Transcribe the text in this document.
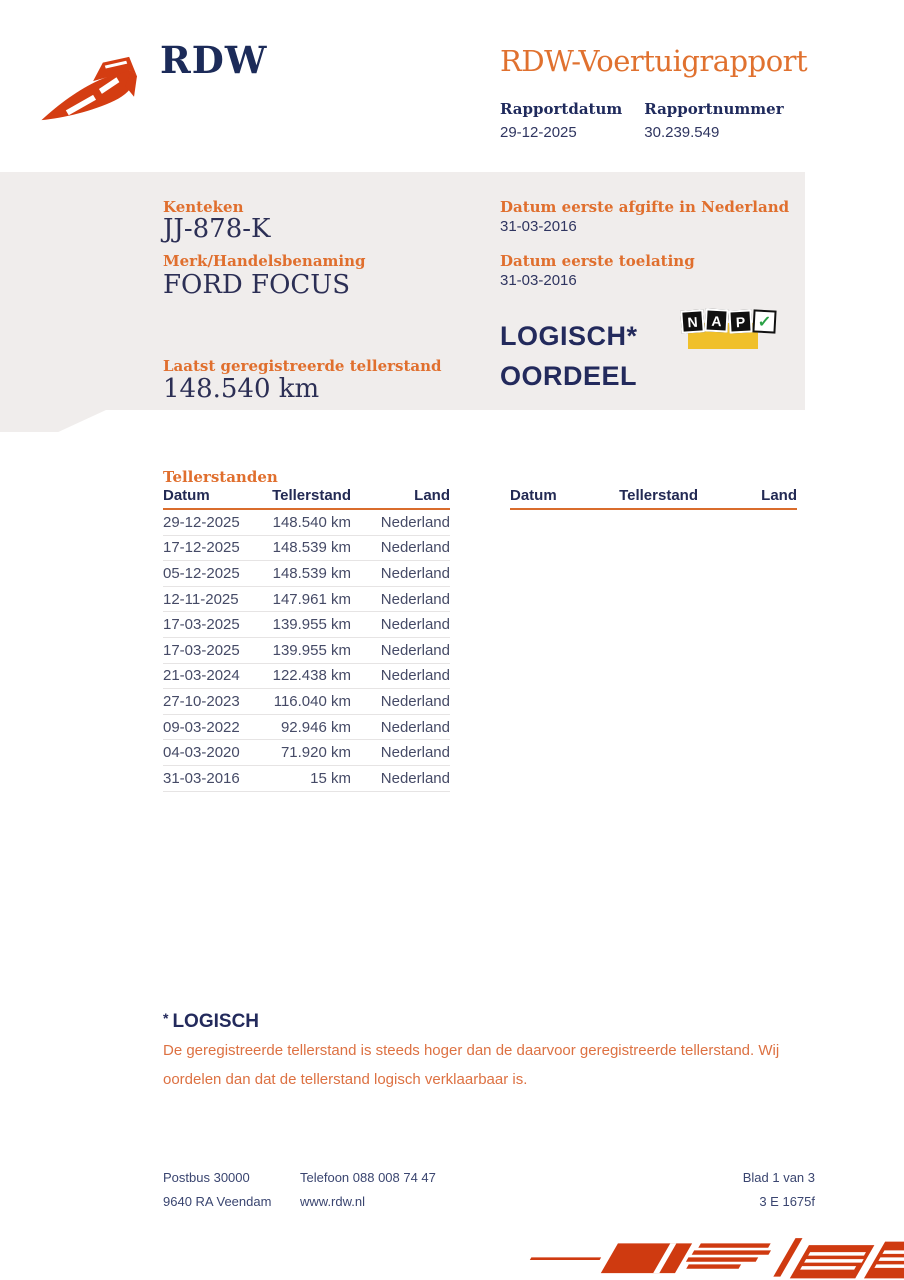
RDW	RDW-Voertuigrapport
Rapportdatum
29-12-2025
Rapportnummer
30.239.549
Kenteken
JJ-878-K
Merk/Handelsbenaming
FORD FOCUS
Laatst geregistreerde tellerstand
148.540 km
Datum eerste afgifte in Nederland
31-03-2016
Datum eerste toelating
31-03-2016
LOGISCH*
OORDEEL
N A P ✓
Tellerstanden
Datum	Tellerstand	Land
29-12-2025	148.540 km	Nederland
17-12-2025	148.539 km	Nederland
05-12-2025	148.539 km	Nederland
12-11-2025	147.961 km	Nederland
17-03-2025	139.955 km	Nederland
17-03-2025	139.955 km	Nederland
21-03-2024	122.438 km	Nederland
27-10-2023	116.040 km	Nederland
09-03-2022	92.946 km	Nederland
04-03-2020	71.920 km	Nederland
31-03-2016	15 km	Nederland
Datum	Tellerstand	Land
* LOGISCH
De geregistreerde tellerstand is steeds hoger dan de daarvoor geregistreerde tellerstand. Wij oordelen dan dat de tellerstand logisch verklaarbaar is.
Postbus 30000
9640 RA Veendam
Telefoon 088 008 74 47
www.rdw.nl
Blad 1 van 3
3 E 1675f
